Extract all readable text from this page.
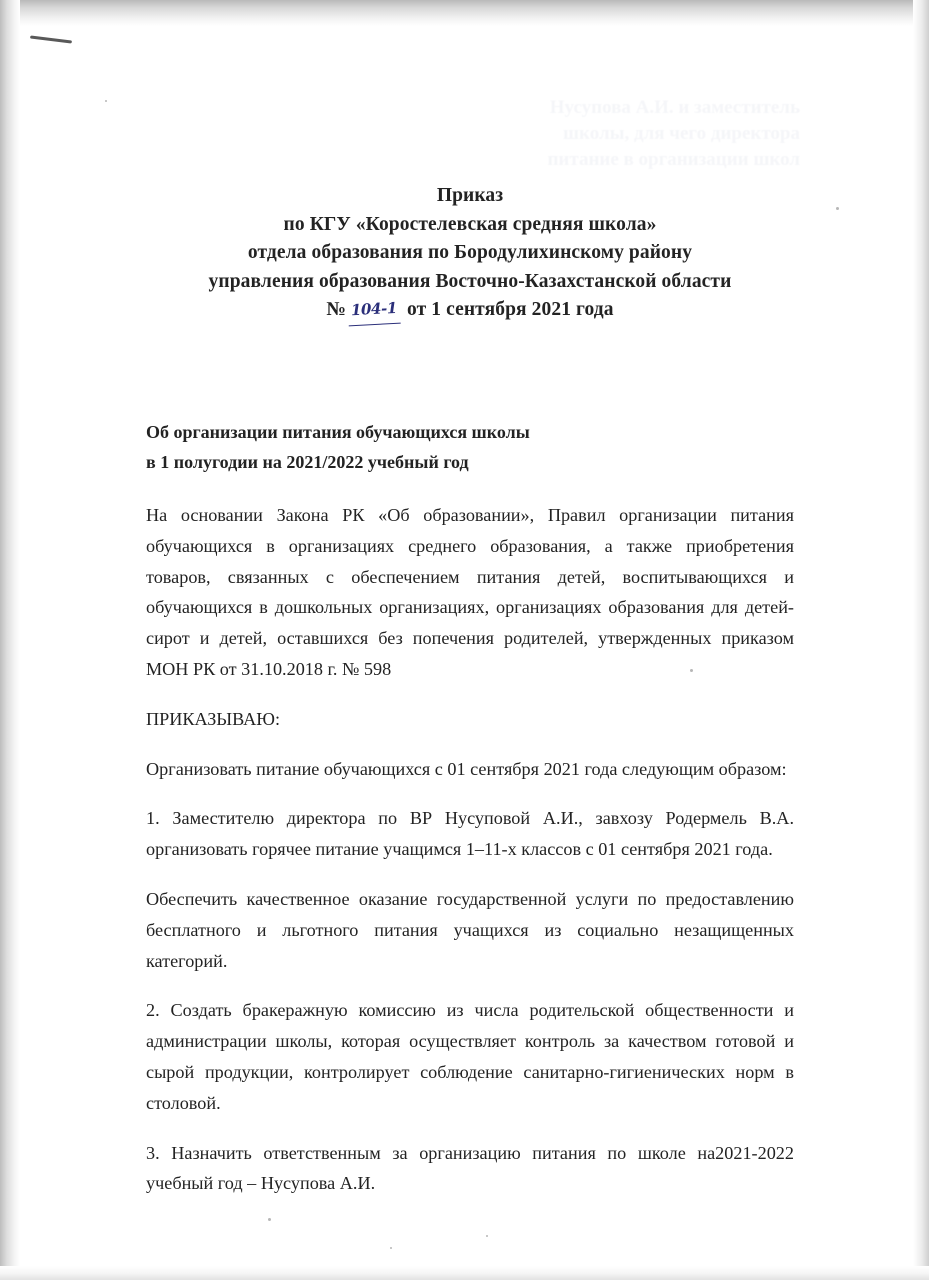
Приказ
по КГУ «Коростелевская средняя школа»
отдела образования по Бородулихинскому району
управления образования Восточно-Казахстанской области
№ 104-1 от 1 сентября 2021 года
Об организации питания обучающихся школы
в 1 полугодии на 2021/2022 учебный год

На основании Закона РК «Об образовании», Правил организации питания обучающихся в организациях среднего образования, а также приобретения товаров, связанных с обеспечением питания детей, воспитывающихся и обучающихся в дошкольных организациях, организациях образования для детей-сирот и детей, оставшихся без попечения родителей, утвержденных приказом МОН РК от 31.10.2018 г. № 598

ПРИКАЗЫВАЮ:

Организовать питание обучающихся с 01 сентября 2021 года следующим образом:

1. Заместителю директора по ВР Нусуповой А.И., завхозу Родермель В.А. организовать горячее питание учащимся 1–11-х классов с 01 сентября 2021 года.

Обеспечить качественное оказание государственной услуги по предоставлению бесплатного и льготного питания учащихся из социально незащищенных категорий.

2. Создать бракеражную комиссию из числа родительской общественности и администрации школы, которая осуществляет контроль за качеством готовой и сырой продукции, контролирует соблюдение санитарно-гигиенических норм в столовой.

3. Назначить ответственным за организацию питания по школе на2021-2022 учебный год – Нусупова А.И.
